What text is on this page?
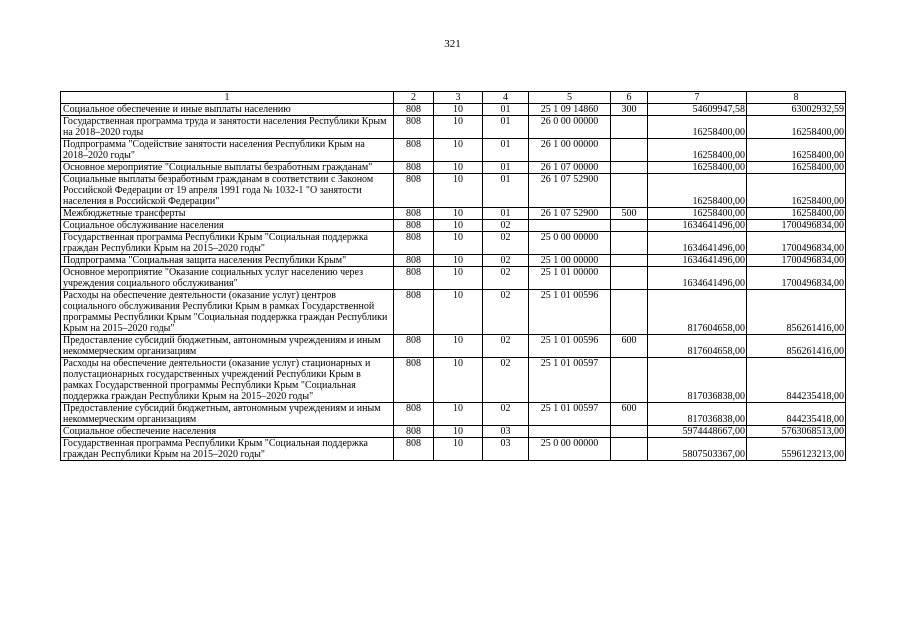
321
1	2	3	4	5	6	7	8
Социальное обеспечение и иные выплаты населению	808	10	01	25 1 09 14860	300	54609947,58	63002932,59
Государственная программа труда и занятости населения Республики Крым на 2018–2020 годы	808	10	01	26 0 00 00000		16258400,00	16258400,00
Подпрограмма "Содействие занятости населения Республики Крым на 2018–2020 годы"	808	10	01	26 1 00 00000		16258400,00	16258400,00
Основное мероприятие "Социальные выплаты безработным гражданам"	808	10	01	26 1 07 00000		16258400,00	16258400,00
Социальные выплаты безработным гражданам в соответствии с Законом Российской Федерации от 19 апреля 1991 года № 1032-1 "О занятости населения в Российской Федерации"	808	10	01	26 1 07 52900		16258400,00	16258400,00
Межбюджетные трансферты	808	10	01	26 1 07 52900	500	16258400,00	16258400,00
Социальное обслуживание населения	808	10	02			1634641496,00	1700496834,00
Государственная программа Республики Крым "Социальная поддержка граждан Республики Крым на 2015–2020 годы"	808	10	02	25 0 00 00000		1634641496,00	1700496834,00
Подпрограмма "Социальная защита населения Республики Крым"	808	10	02	25 1 00 00000		1634641496,00	1700496834,00
Основное мероприятие "Оказание социальных услуг населению через учреждения социального обслуживания"	808	10	02	25 1 01 00000		1634641496,00	1700496834,00
Расходы на обеспечение деятельности (оказание услуг) центров социального обслуживания Республики Крым в рамках Государственной программы Республики Крым "Социальная поддержка граждан Республики Крым на 2015–2020 годы"	808	10	02	25 1 01 00596		817604658,00	856261416,00
Предоставление субсидий бюджетным, автономным учреждениям и иным некоммерческим организациям	808	10	02	25 1 01 00596	600	817604658,00	856261416,00
Расходы на обеспечение деятельности (оказание услуг) стационарных и полустационарных государственных учреждений Республики Крым в рамках Государственной программы Республики Крым "Социальная поддержка граждан Республики Крым на 2015–2020 годы"	808	10	02	25 1 01 00597		817036838,00	844235418,00
Предоставление субсидий бюджетным, автономным учреждениям и иным некоммерческим организациям	808	10	02	25 1 01 00597	600	817036838,00	844235418,00
Социальное обеспечение населения	808	10	03			5974448667,00	5763068513,00
Государственная программа Республики Крым "Социальная поддержка граждан Республики Крым на 2015–2020 годы"	808	10	03	25 0 00 00000		5807503367,00	5596123213,00
